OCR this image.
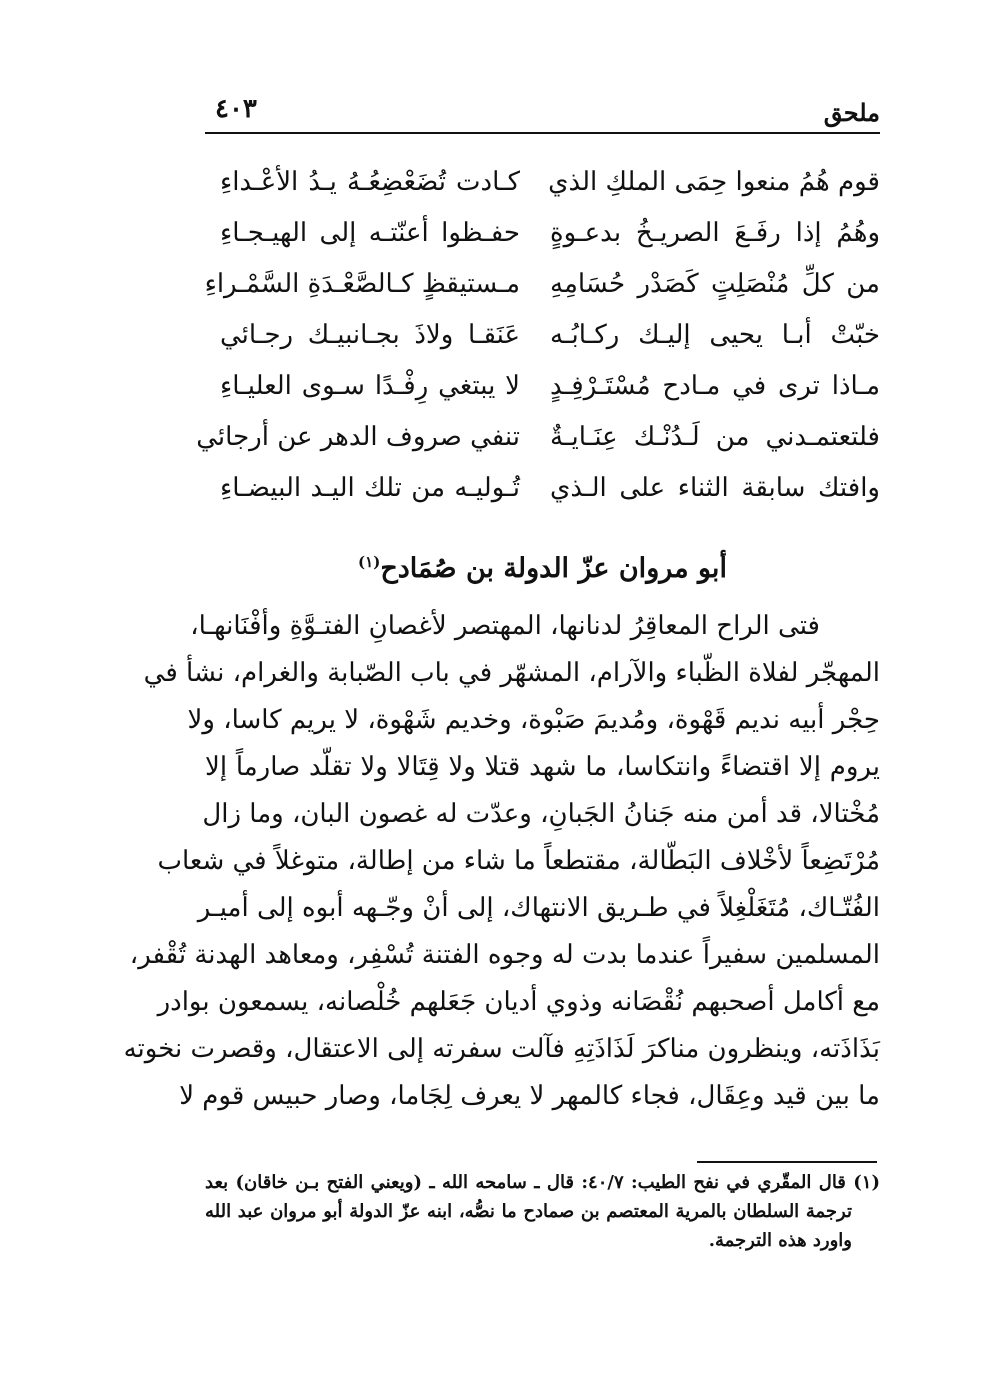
ملحق
٤٠٣
قوم هُمُ منعوا حِمَى الملكِ الذي
كـادت تُضَعْضِعُـهُ يـدُ الأعْـداءِ
وهُمُ إذا رفَـعَ الصريـخُ بدعـوةٍ
حفـظوا أعنّتـه إلى الهيـجـاءِ
من كلِّ مُنْصَلِتٍ كَصَدْر حُسَامِهِ
مـستيقظٍ كـالصَّعْـدَةِ السَّمْـراءِ
خبّتْ أبـا يحيى إليـك ركـابُـه
عَنَقـا ولاذَ بجـانبيـك رجـائي
مـاذا ترى في مـادح مُسْتَـرْفِـدٍ
لا يبتغي رِفْـدًا سـوى العليـاءِ
فلتعتمـدني من لَـدُنْـك عِنَـايـةٌ
تنفي صروف الدهر عن أرجائي
وافتك سابقة الثناء على الـذي
تُـوليـه من تلك اليـد البيضـاءِ
أبو مروان عزّ الدولة بن صُمَادح$^{(١)}$
فتى الراح المعاقِرُ لدنانها، المهتصر لأغصانِ الفتـوَّةِ وأفْنَانهـا،
المهجّر لفلاة الظّباء والآرام، المشهّر في باب الصّبابة والغرام، نشأ في
حِجْر أبيه نديم قَهْوة، ومُديمَ صَبْوة، وخديم شَهْوة، لا يريم كاسا، ولا
يروم إلا اقتضاءً وانتكاسا، ما شهد قتلا ولا قِتَالا ولا تقلّد صارماً إلا
مُخْتالا، قد أمن منه جَنانُ الجَبانِ، وعدّت له غصون البان، وما زال
مُرْتَضِعاً لأخْلاف البَطّالة، مقتطعاً ما شاء من إطالة، متوغلاً في شعاب
الفُتّـاك، مُتَغَلْغِلاً في طـريق الانتهاك، إلى أنْ وجّـهه أبوه إلى أميـر
المسلمين سفيراً عندما بدت له وجوه الفتنة تُسْفِر، ومعاهد الهدنة تُقْفر،
مع أكامل أصحبهم نُقْصَانه وذوي أديان جَعَلهم خُلْصانه، يسمعون بوادر
بَذَاذَته، وينظرون مناكرَ لَذَاذَتِهِ فآلت سفرته إلى الاعتقال، وقصرت نخوته
ما بين قيد وعِقَال، فجاء كالمهر لا يعرف لِجَاما، وصار حبيس قوم لا
(١) قال المقّري في نفح الطيب: ٤٠/٧: قال ـ سامحه الله ـ (ويعني الفتح بـن خاقان) بعد
ترجمة السلطان بالمرية المعتصم بن صمادح ما نصُّه، ابنه عزّ الدولة أبو مروان عبد الله
واورد هذه الترجمة.
